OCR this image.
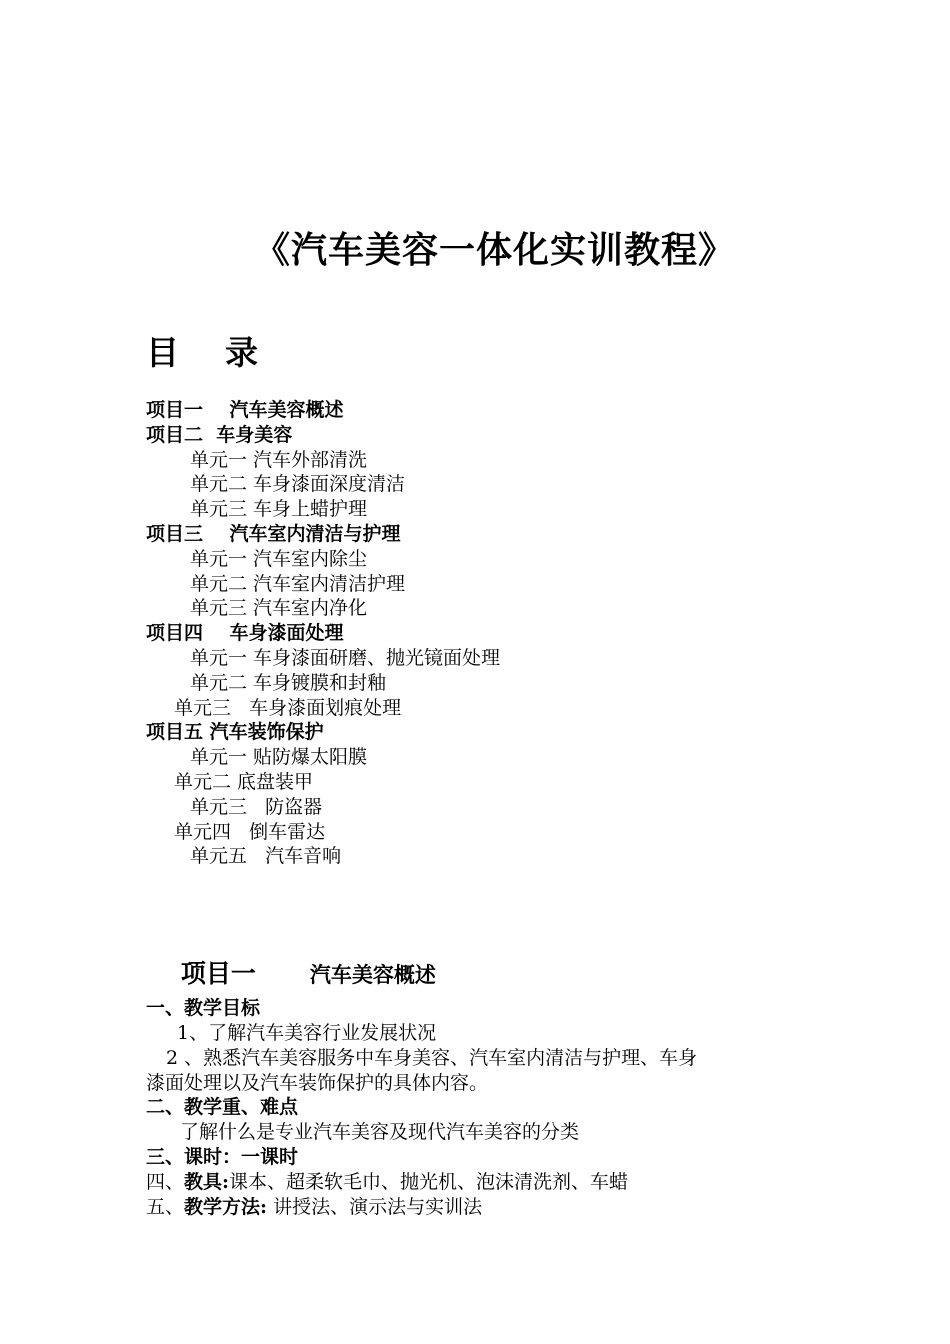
《汽车美容一体化实训教程》
目    录
项目一    汽车美容概述
项目二  车身美容
单元一 汽车外部清洗
单元二 车身漆面深度清洁
单元三 车身上蜡护理
项目三    汽车室内清洁与护理
单元一 汽车室内除尘
单元二 汽车室内清洁护理
单元三 汽车室内净化
项目四    车身漆面处理
单元一 车身漆面研磨、抛光镜面处理
单元二 车身镀膜和封釉
单元三   车身漆面划痕处理
项目五 汽车装饰保护
单元一 贴防爆太阳膜
单元二 底盘装甲
单元三   防盗器
单元四   倒车雷达
单元五   汽车音响

项目一	汽车美容概述

一、教学目标
1、了解汽车美容行业发展状况
2 、熟悉汽车美容服务中车身美容、汽车室内清洁与护理、车身
漆面处理以及汽车装饰保护的具体内容。
二、教学重、难点
了解什么是专业汽车美容及现代汽车美容的分类
三、课时：一课时
四、教具:课本、超柔软毛巾、抛光机、泡沫清洗剂、车蜡
五、教学方法: 讲授法、演示法与实训法
